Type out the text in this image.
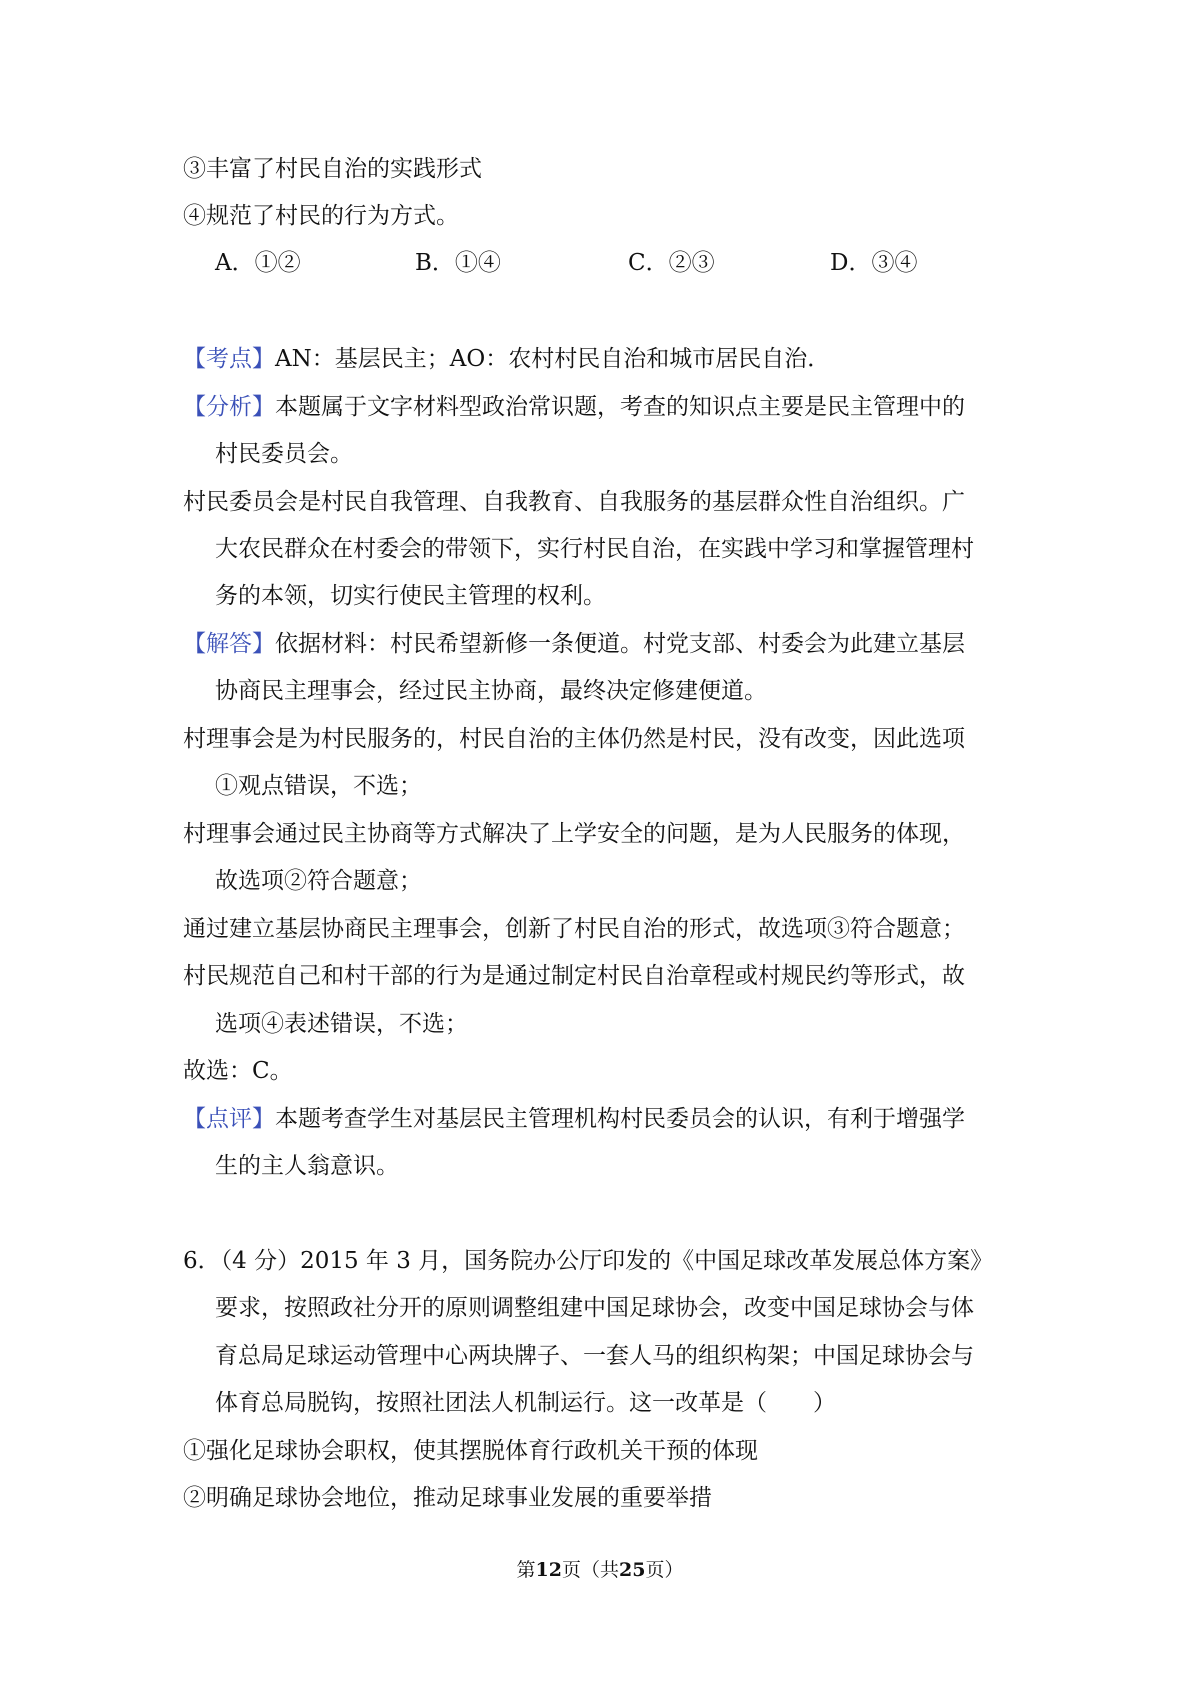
③丰富了村民自治的实践形式
④规范了村民的行为方式。
A．①②	B．①④	C．②③	D．③④
【考点】AN：基层民主；AO：农村村民自治和城市居民自治．
【分析】本题属于文字材料型政治常识题，考查的知识点主要是民主管理中的
村民委员会。
村民委员会是村民自我管理、自我教育、自我服务的基层群众性自治组织。广
大农民群众在村委会的带领下，实行村民自治，在实践中学习和掌握管理村
务的本领，切实行使民主管理的权利。
【解答】依据材料：村民希望新修一条便道。村党支部、村委会为此建立基层
协商民主理事会，经过民主协商，最终决定修建便道。
村理事会是为村民服务的，村民自治的主体仍然是村民，没有改变，因此选项
①观点错误，不选；
村理事会通过民主协商等方式解决了上学安全的问题，是为人民服务的体现，
故选项②符合题意；
通过建立基层协商民主理事会，创新了村民自治的形式，故选项③符合题意；
村民规范自己和村干部的行为是通过制定村民自治章程或村规民约等形式，故
选项④表述错误，不选；
故选：C。
【点评】本题考查学生对基层民主管理机构村民委员会的认识，有利于增强学
生的主人翁意识。
6．（4 分）2015 年 3 月，国务院办公厅印发的《中国足球改革发展总体方案》
要求，按照政社分开的原则调整组建中国足球协会，改变中国足球协会与体
育总局足球运动管理中心两块牌子、一套人马的组织构架；中国足球协会与
体育总局脱钩，按照社团法人机制运行。这一改革是（　　）
①强化足球协会职权，使其摆脱体育行政机关干预的体现
②明确足球协会地位，推动足球事业发展的重要举措
第12页（共25页）
